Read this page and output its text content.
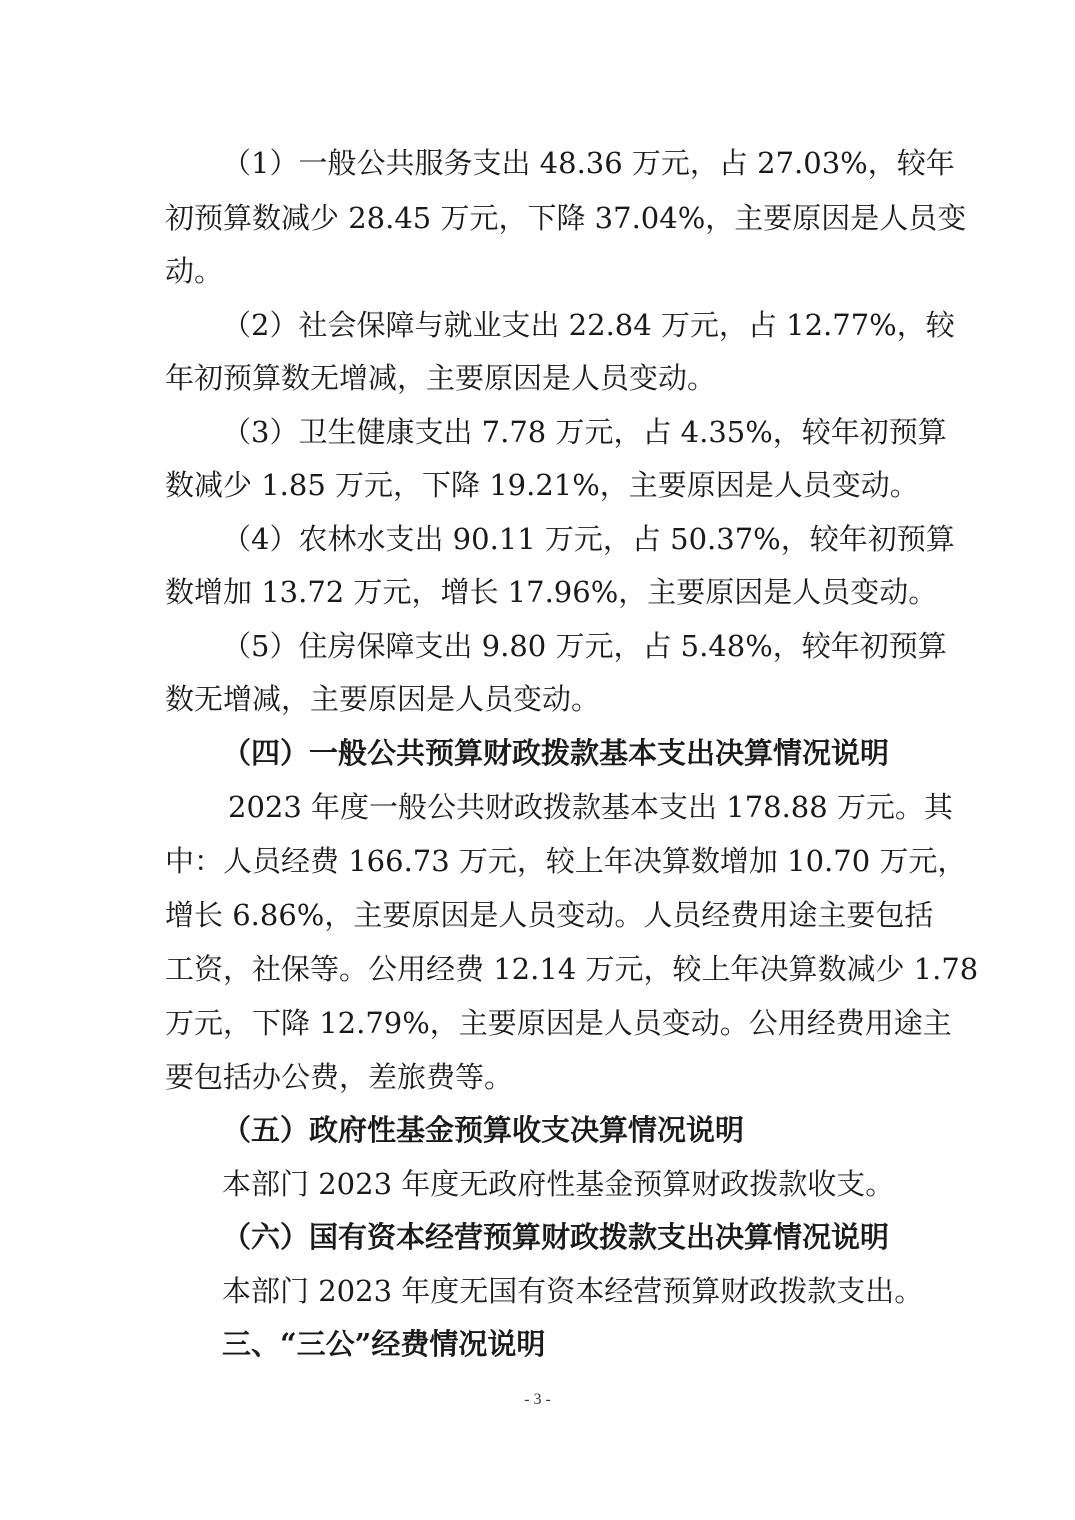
（1）一般公共服务支出 48.36 万元，占 27.03%，较年

初预算数减少 28.45 万元，下降 37.04%，主要原因是人员变

动。

（2）社会保障与就业支出 22.84 万元，占 12.77%，较

年初预算数无增减，主要原因是人员变动。

（3）卫生健康支出 7.78 万元，占 4.35%，较年初预算

数减少 1.85 万元，下降 19.21%，主要原因是人员变动。

（4）农林水支出 90.11 万元，占 50.37%，较年初预算

数增加 13.72 万元，增长 17.96%，主要原因是人员变动。

（5）住房保障支出 9.80 万元，占 5.48%，较年初预算

数无增减，主要原因是人员变动。

（四）一般公共预算财政拨款基本支出决算情况说明

2023 年度一般公共财政拨款基本支出 178.88 万元。其

中：人员经费 166.73 万元，较上年决算数增加 10.70 万元，

增长 6.86%，主要原因是人员变动。人员经费用途主要包括

工资，社保等。公用经费 12.14 万元，较上年决算数减少 1.78

万元，下降 12.79%，主要原因是人员变动。公用经费用途主

要包括办公费，差旅费等。

（五）政府性基金预算收支决算情况说明

本部门 2023 年度无政府性基金预算财政拨款收支。

（六）国有资本经营预算财政拨款支出决算情况说明

本部门 2023 年度无国有资本经营预算财政拨款支出。

三、“三公”经费情况说明

- 3 -
